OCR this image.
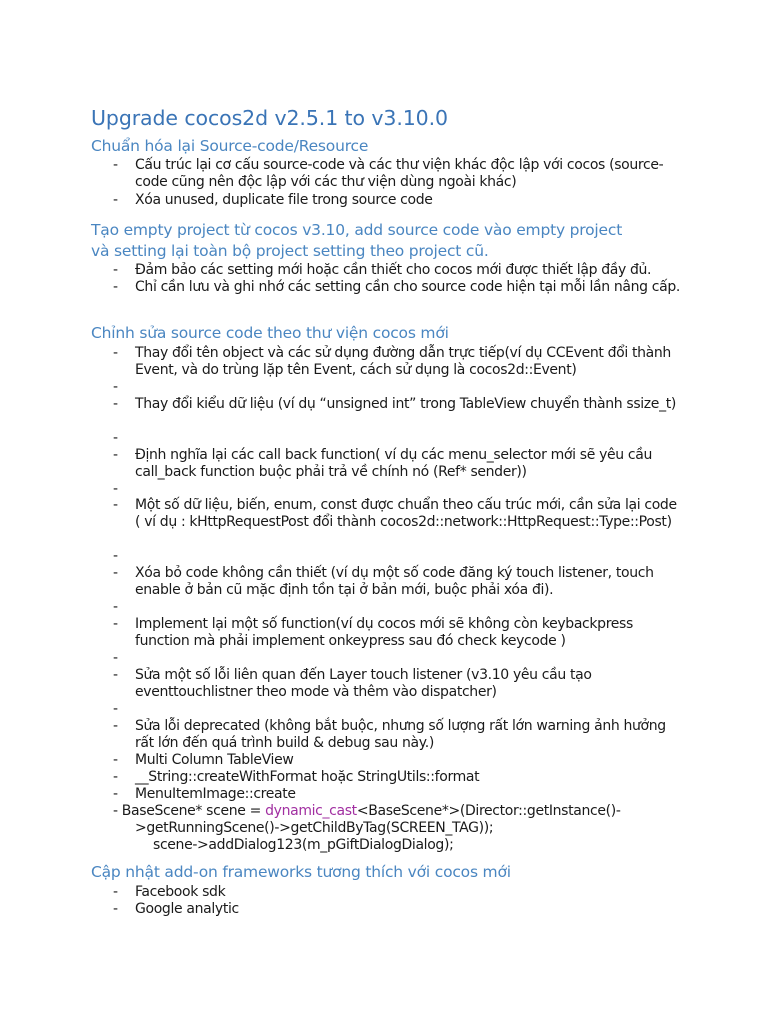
Upgrade cocos2d v2.5.1 to v3.10.0
Chuẩn hóa lại Source-code/Resource
- Cấu trúc lại cơ cấu source-code và các thư viện khác độc lập với cocos (source-code cũng nên độc lập với các thư viện dùng ngoài khác)
- Xóa unused, duplicate file trong source code
Tạo empty project từ cocos v3.10, add source code vào empty project
và setting lại toàn bộ project setting theo project cũ.
- Đảm bảo các setting mới hoặc cần thiết cho cocos mới được thiết lập đầy đủ.
- Chỉ cần lưu và ghi nhớ các setting cần cho source code hiện tại mỗi lần nâng cấp.
Chỉnh sửa source code theo thư viện cocos mới
- Thay đổi tên object và các sử dụng đường dẫn trực tiếp(ví dụ CCEvent đổi thành Event, và do trùng lặp tên Event, cách sử dụng là cocos2d::Event)
-
- Thay đổi kiểu dữ liệu (ví dụ “unsigned int” trong TableView chuyển thành ssize_t)
-
- Định nghĩa lại các call back function( ví dụ các menu_selector mới sẽ yêu cầu call_back function buộc phải trả về chính nó (Ref* sender))
-
- Một số dữ liệu, biến, enum, const được chuẩn theo cấu trúc mới, cần sửa lại code ( ví dụ : kHttpRequestPost đổi thành cocos2d::network::HttpRequest::Type::Post)
-
- Xóa bỏ code không cần thiết (ví dụ một số code đăng ký touch listener, touch enable ở bản cũ mặc định tồn tại ở bản mới, buộc phải xóa đi).
-
- Implement lại một số function(ví dụ cocos mới sẽ không còn keybackpress function mà phải implement onkeypress sau đó check keycode )
-
- Sửa một số lỗi liên quan đến Layer touch listener (v3.10 yêu cầu tạo eventtouchlistner theo mode và thêm vào dispatcher)
-
- Sửa lỗi deprecated (không bắt buộc, nhưng số lượng rất lớn warning ảnh hưởng rất lớn đến quá trình build & debug sau này.)
- Multi Column TableView
- __String::createWithFormat hoặc StringUtils::format
- MenuItemImage::create
- BaseScene* scene = dynamic_cast<BaseScene*>(Director::getInstance()-
>getRunningScene()->getChildByTag(SCREEN_TAG));
scene->addDialog123(m_pGiftDialogDialog);
Cập nhật add-on frameworks tương thích với cocos mới
- Facebook sdk
- Google analytic
